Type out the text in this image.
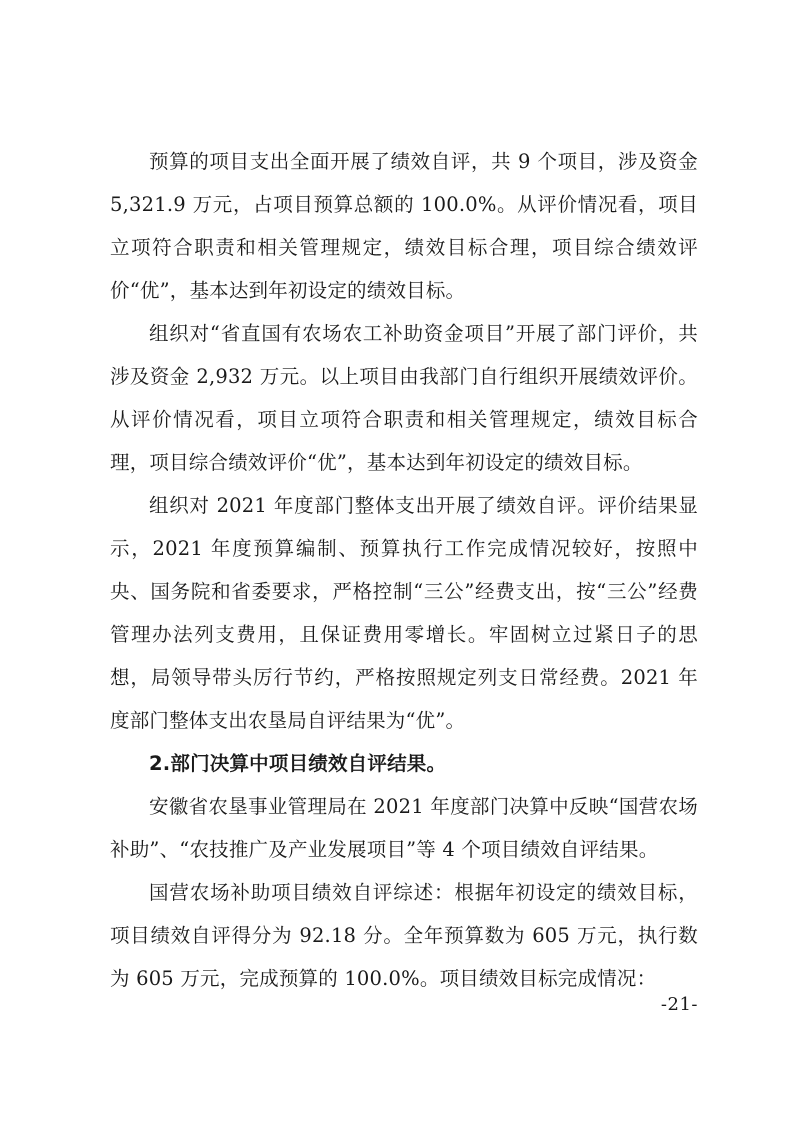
预算的项目支出全面开展了绩效自评，共 9 个项目，涉及资金 5,321.9 万元，占项目预算总额的 100.0%。从评价情况看，项目立项符合职责和相关管理规定，绩效目标合理，项目综合绩效评价“优”，基本达到年初设定的绩效目标。

组织对“省直国有农场农工补助资金项目”开展了部门评价，共涉及资金 2,932 万元。以上项目由我部门自行组织开展绩效评价。从评价情况看，项目立项符合职责和相关管理规定，绩效目标合理，项目综合绩效评价“优”，基本达到年初设定的绩效目标。

组织对 2021 年度部门整体支出开展了绩效自评。评价结果显示，2021 年度预算编制、预算执行工作完成情况较好，按照中央、国务院和省委要求，严格控制“三公”经费支出，按“三公”经费管理办法列支费用，且保证费用零增长。牢固树立过紧日子的思想，局领导带头厉行节约，严格按照规定列支日常经费。2021 年度部门整体支出农垦局自评结果为“优”。

2.部门决算中项目绩效自评结果。

安徽省农垦事业管理局在 2021 年度部门决算中反映“国营农场补助”、“农技推广及产业发展项目”等 4 个项目绩效自评结果。

国营农场补助项目绩效自评综述：根据年初设定的绩效目标，项目绩效自评得分为 92.18 分。全年预算数为 605 万元，执行数为 605 万元，完成预算的 100.0%。项目绩效目标完成情况：

-21-
